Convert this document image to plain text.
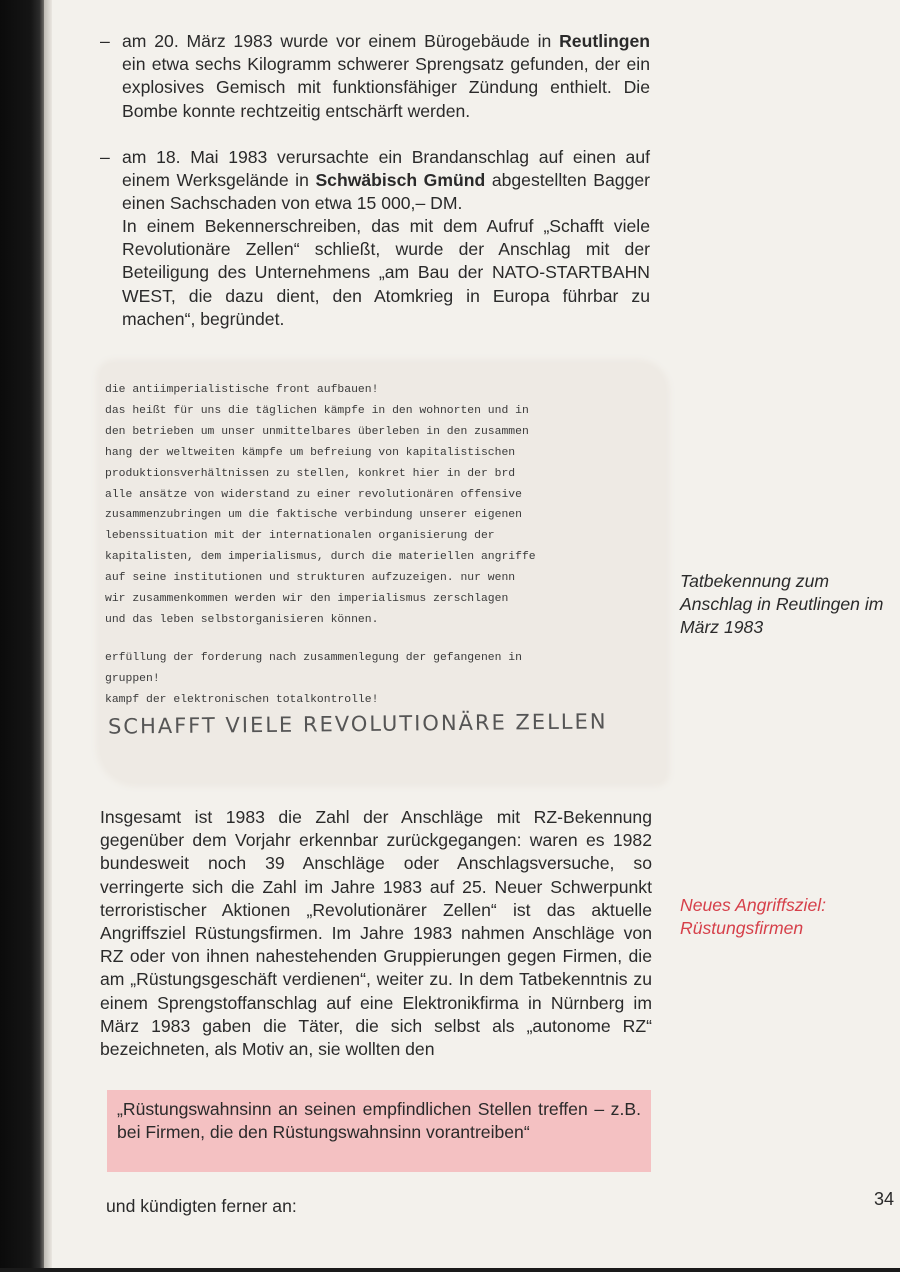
– am 20. März 1983 wurde vor einem Bürogebäude in Reutlingen ein etwa sechs Kilogramm schwerer Sprengsatz gefunden, der ein explosives Gemisch mit funktionsfähiger Zündung enthielt. Die Bombe konnte rechtzeitig entschärft werden.

– am 18. Mai 1983 verursachte ein Brandanschlag auf einen auf einem Werksgelände in Schwäbisch Gmünd abgestellten Bagger einen Sachschaden von etwa 15 000,– DM.

In einem Bekennerschreiben, das mit dem Aufruf „Schafft viele Revolutionäre Zellen“ schließt, wurde der Anschlag mit der Beteiligung des Unternehmens „am Bau der NATO-STARTBAHN WEST, die dazu dient, den Atomkrieg in Europa führbar zu machen“, begründet.

die antiimperialistische front aufbauen!
das heißt für uns die täglichen kämpfe in den wohnorten und in
den betrieben um unser unmittelbares überleben in den zusammen
hang der weltweiten kämpfe um befreiung von kapitalistischen
produktionsverhältnissen zu stellen, konkret hier in der brd
alle ansätze von widerstand zu einer revolutionären offensive
zusammenzubringen um die faktische verbindung unserer eigenen
lebenssituation mit der internationalen organisierung der
kapitalisten, dem imperialismus, durch die materiellen angriffe
auf seine institutionen und strukturen aufzuzeigen. nur wenn
wir zusammenkommen werden wir den imperialismus zerschlagen
und das leben selbstorganisieren können.
erfüllung der forderung nach zusammenlegung der gefangenen in
gruppen!
kampf der elektronischen totalkontrolle!
SCHAFFT VIELE REVOLUTIONÄRE ZELLEN
Tatbekennung zum Anschlag in Reutlingen im März 1983

Insgesamt ist 1983 die Zahl der Anschläge mit RZ-Bekennung gegenüber dem Vorjahr erkennbar zurückgegangen: waren es 1982 bundesweit noch 39 Anschläge oder Anschlagsversuche, so verringerte sich die Zahl im Jahre 1983 auf 25. Neuer Schwerpunkt terroristischer Aktionen „Revolutionärer Zellen“ ist das aktuelle Angriffsziel Rüstungsfirmen. Im Jahre 1983 nahmen Anschläge von RZ oder von ihnen nahestehenden Gruppierungen gegen Firmen, die am „Rüstungsgeschäft verdienen“, weiter zu. In dem Tatbekenntnis zu einem Sprengstoffanschlag auf eine Elektronikfirma in Nürnberg im März 1983 gaben die Täter, die sich selbst als „autonome RZ“ bezeichneten, als Motiv an, sie wollten den

Neues Angriffsziel: Rüstungsfirmen
„Rüstungswahnsinn an seinen empfindlichen Stellen treffen – z.B. bei Firmen, die den Rüstungswahnsinn vorantreiben“

und kündigten ferner an:	34
